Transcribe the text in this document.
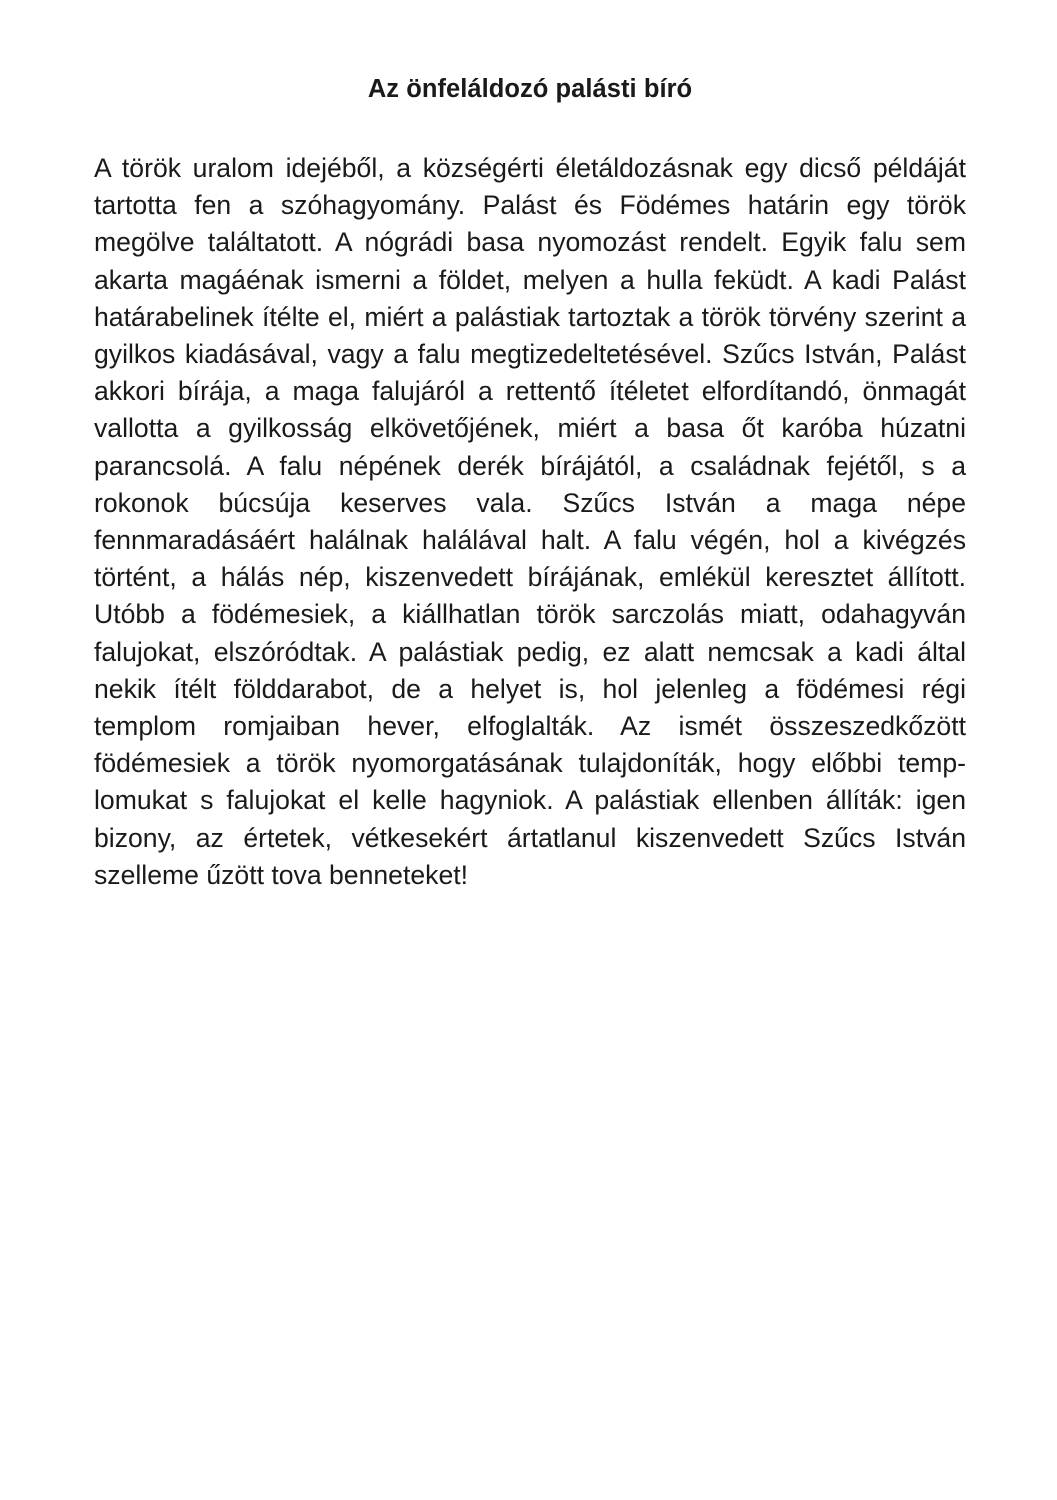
Az önfeláldozó palásti bíró

A török uralom idejéből, a községérti életáldozásnak egy dicső példáját tartotta fen a szóhagyomány. Palást és Födémes határin egy török megölve találtatott. A nógrádi basa nyomozást rendelt. Egyik falu sem akarta magáénak ismerni a földet, melyen a hulla feküdt. A kadi Palást határabelinek ítélte el, miért a palástiak tartoztak a török törvény szerint a gyilkos kiadásával, vagy a falu megtizedeltetésével. Szűcs István, Palást akkori bírája, a maga falujáról a rettentő ítéletet elfordítandó, önmagát vallotta a gyilkosság elkövetőjének, miért a basa őt karóba húzatni parancsolá. A falu népének derék bírájától, a családnak fejétől, s a rokonok búcsúja keserves vala. Szűcs István a maga népe fennmaradásáért halálnak halálával halt. A falu végén, hol a kivégzés történt, a hálás nép, kiszenvedett bírájának, emlékül keresztet állított. Utóbb a födémesiek, a kiállhatlan török sarczolás miatt, odahagyván falujokat, elszóródtak. A palástiak pedig, ez alatt nemcsak a kadi által nekik ítélt földdarabot, de a helyet is, hol jelenleg a födémesi régi templom romjaiban hever, elfoglalták. Az ismét összeszedkőzött födémesiek a török nyomorgatásának tulajdoníták, hogy előbbi templomukat s falujokat el kelle hagyniok. A palástiak ellenben állíták: igen bizony, az értetek, vétkesekért ártatlanul kiszenvedett Szűcs István szelleme űzött tova benneteket!
